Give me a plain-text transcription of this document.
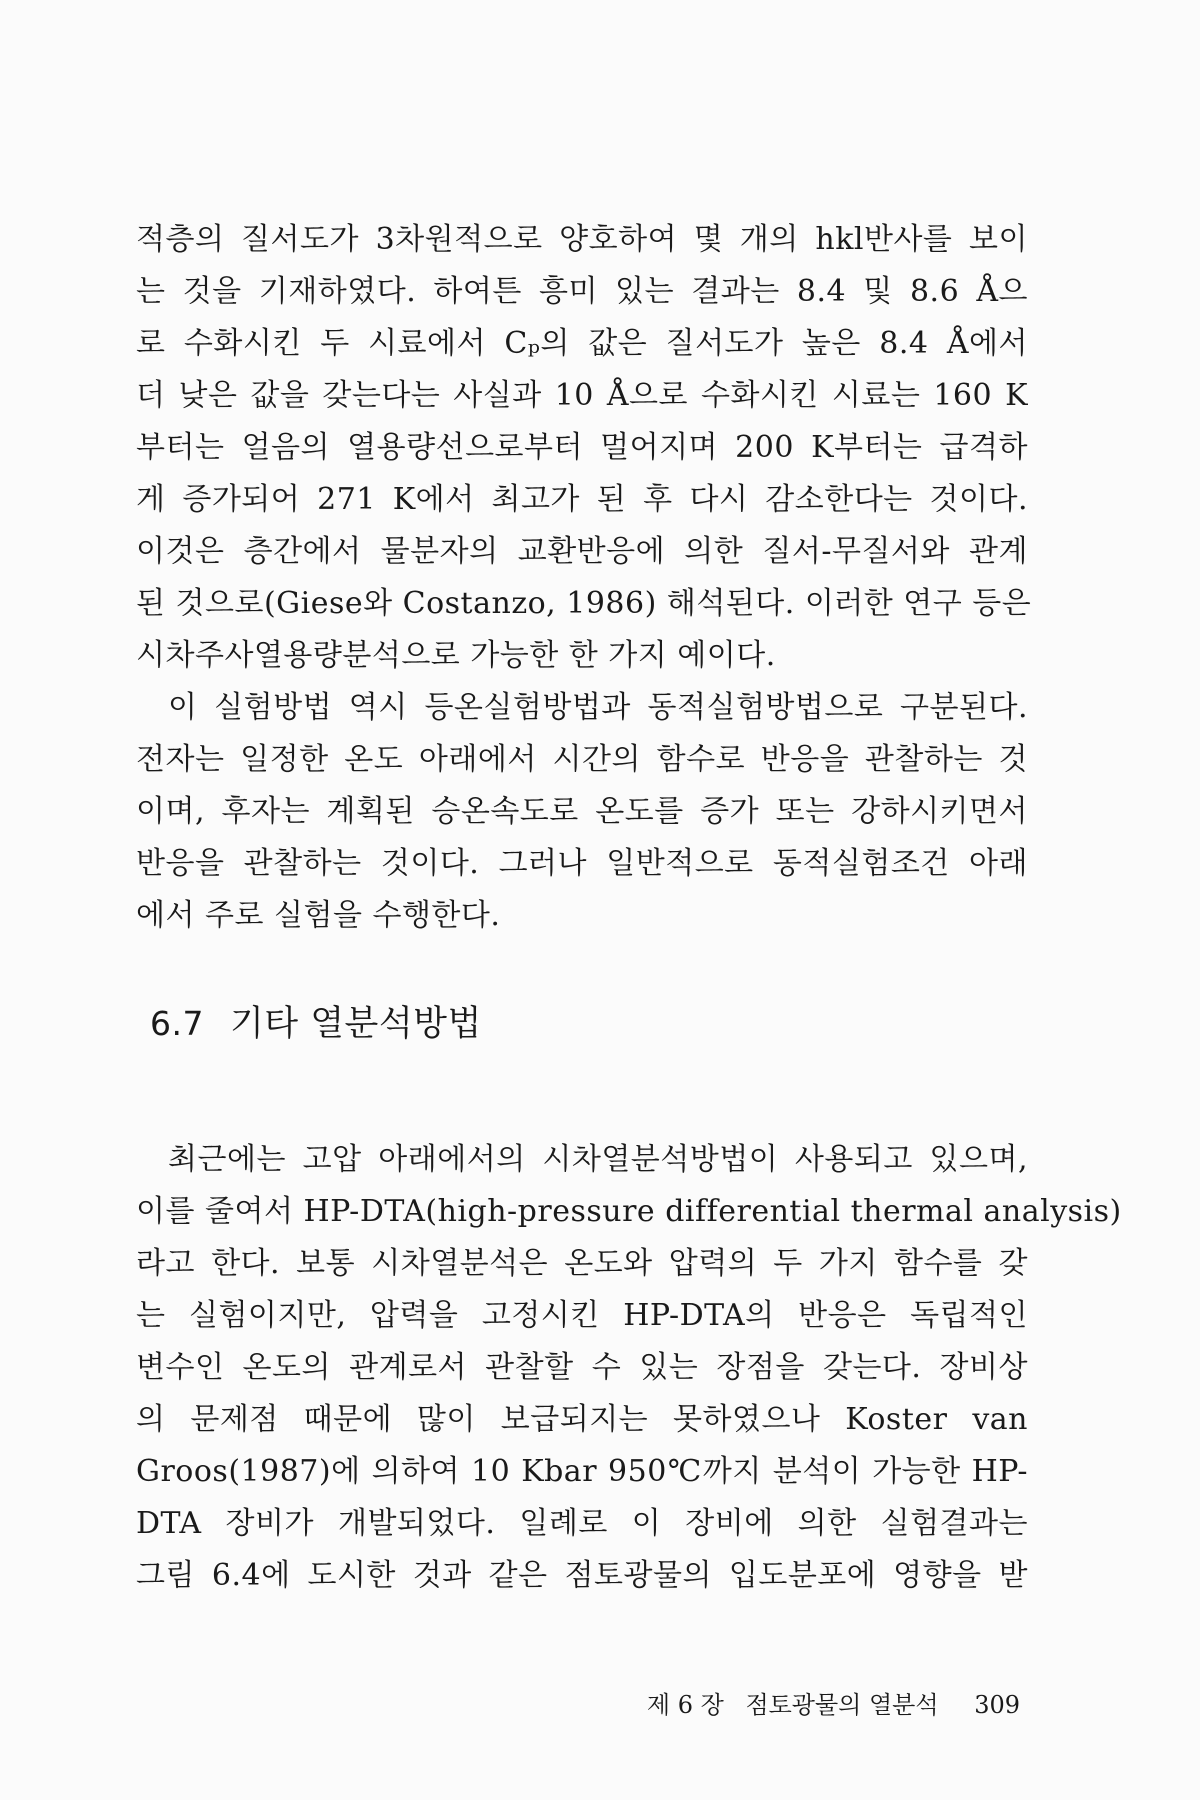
적층의 질서도가 3차원적으로 양호하여 몇 개의 hkl반사를 보이
는 것을 기재하였다. 하여튼 흥미 있는 결과는 8.4 및 8.6 Å으
로 수화시킨 두 시료에서 Cₚ의 값은 질서도가 높은 8.4 Å에서
더 낮은 값을 갖는다는 사실과 10 Å으로 수화시킨 시료는 160 K
부터는 얼음의 열용량선으로부터 멀어지며 200 K부터는 급격하
게 증가되어 271 K에서 최고가 된 후 다시 감소한다는 것이다.
이것은 층간에서 물분자의 교환반응에 의한 질서-무질서와 관계
된 것으로(Giese와 Costanzo, 1986) 해석된다. 이러한 연구 등은
시차주사열용량분석으로 가능한 한 가지 예이다.
이 실험방법 역시 등온실험방법과 동적실험방법으로 구분된다.
전자는 일정한 온도 아래에서 시간의 함수로 반응을 관찰하는 것
이며, 후자는 계획된 승온속도로 온도를 증가 또는 강하시키면서
반응을 관찰하는 것이다. 그러나 일반적으로 동적실험조건 아래
에서 주로 실험을 수행한다.
6.7 기타 열분석방법
최근에는 고압 아래에서의 시차열분석방법이 사용되고 있으며,
이를 줄여서 HP-DTA(high-pressure differential thermal analysis)
라고 한다. 보통 시차열분석은 온도와 압력의 두 가지 함수를 갖
는 실험이지만, 압력을 고정시킨 HP-DTA의 반응은 독립적인
변수인 온도의 관계로서 관찰할 수 있는 장점을 갖는다. 장비상
의 문제점 때문에 많이 보급되지는 못하였으나 Koster van
Groos(1987)에 의하여 10 Kbar 950℃까지 분석이 가능한 HP-
DTA 장비가 개발되었다. 일례로 이 장비에 의한 실험결과는
그림 6.4에 도시한 것과 같은 점토광물의 입도분포에 영향을 받
제 6 장 점토광물의 열분석 309
